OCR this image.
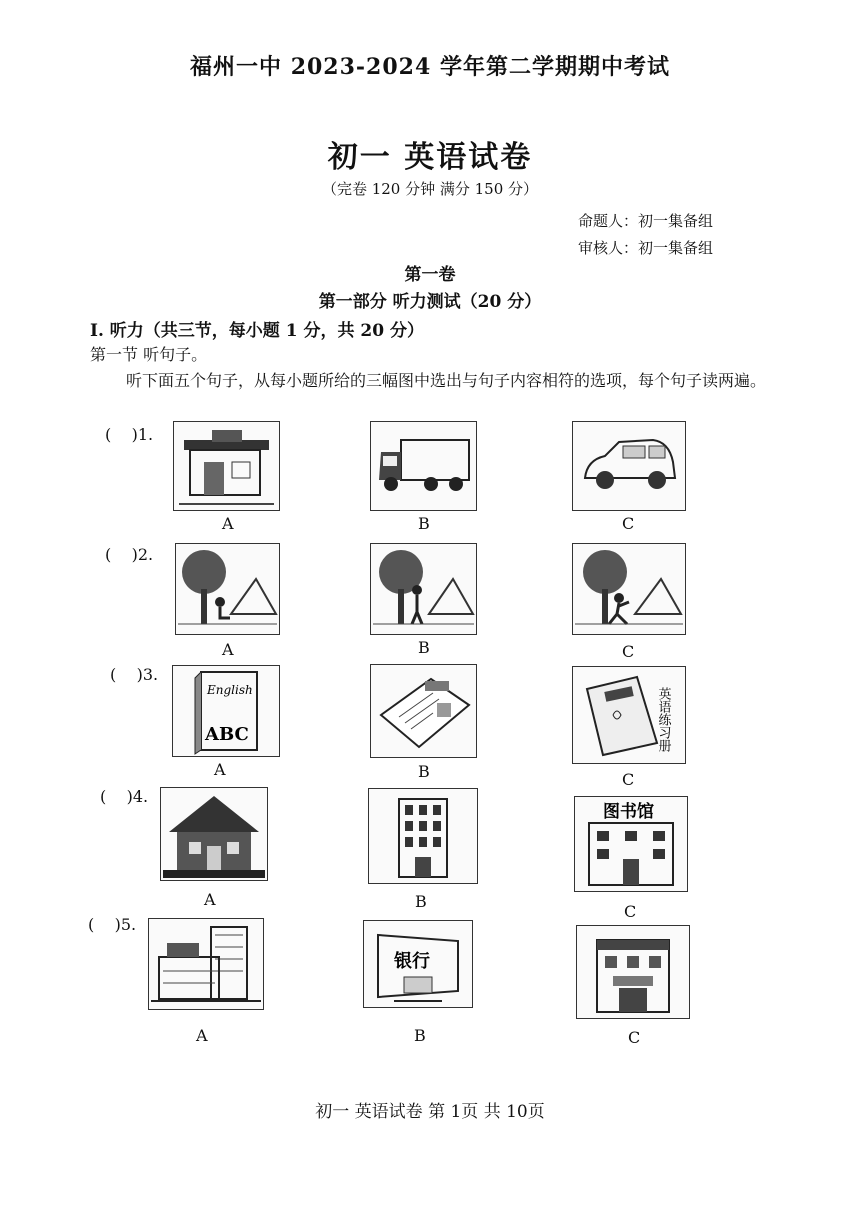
福州一中 2023-2024 学年第二学期期中考试
初一 英语试卷
（完卷 120 分钟 满分 150 分）
命题人：初一集备组
审核人：初一集备组
第一卷
第一部分 听力测试（20 分）
I. 听力（共三节，每小题 1 分，共 20 分）
第一节 听句子。
听下面五个句子，从每小题所给的三幅图中选出与句子内容相符的选项，每个句子读两遍。
(    )1.
A	B	C
(    )2.
A	B	C
(    )3.
English
ABC	英语练习册
A	B	C
(    )4.
图书馆
A	B
C
(    )5.
银行
A	B	C
初一 英语试卷 第 1页 共 10页
